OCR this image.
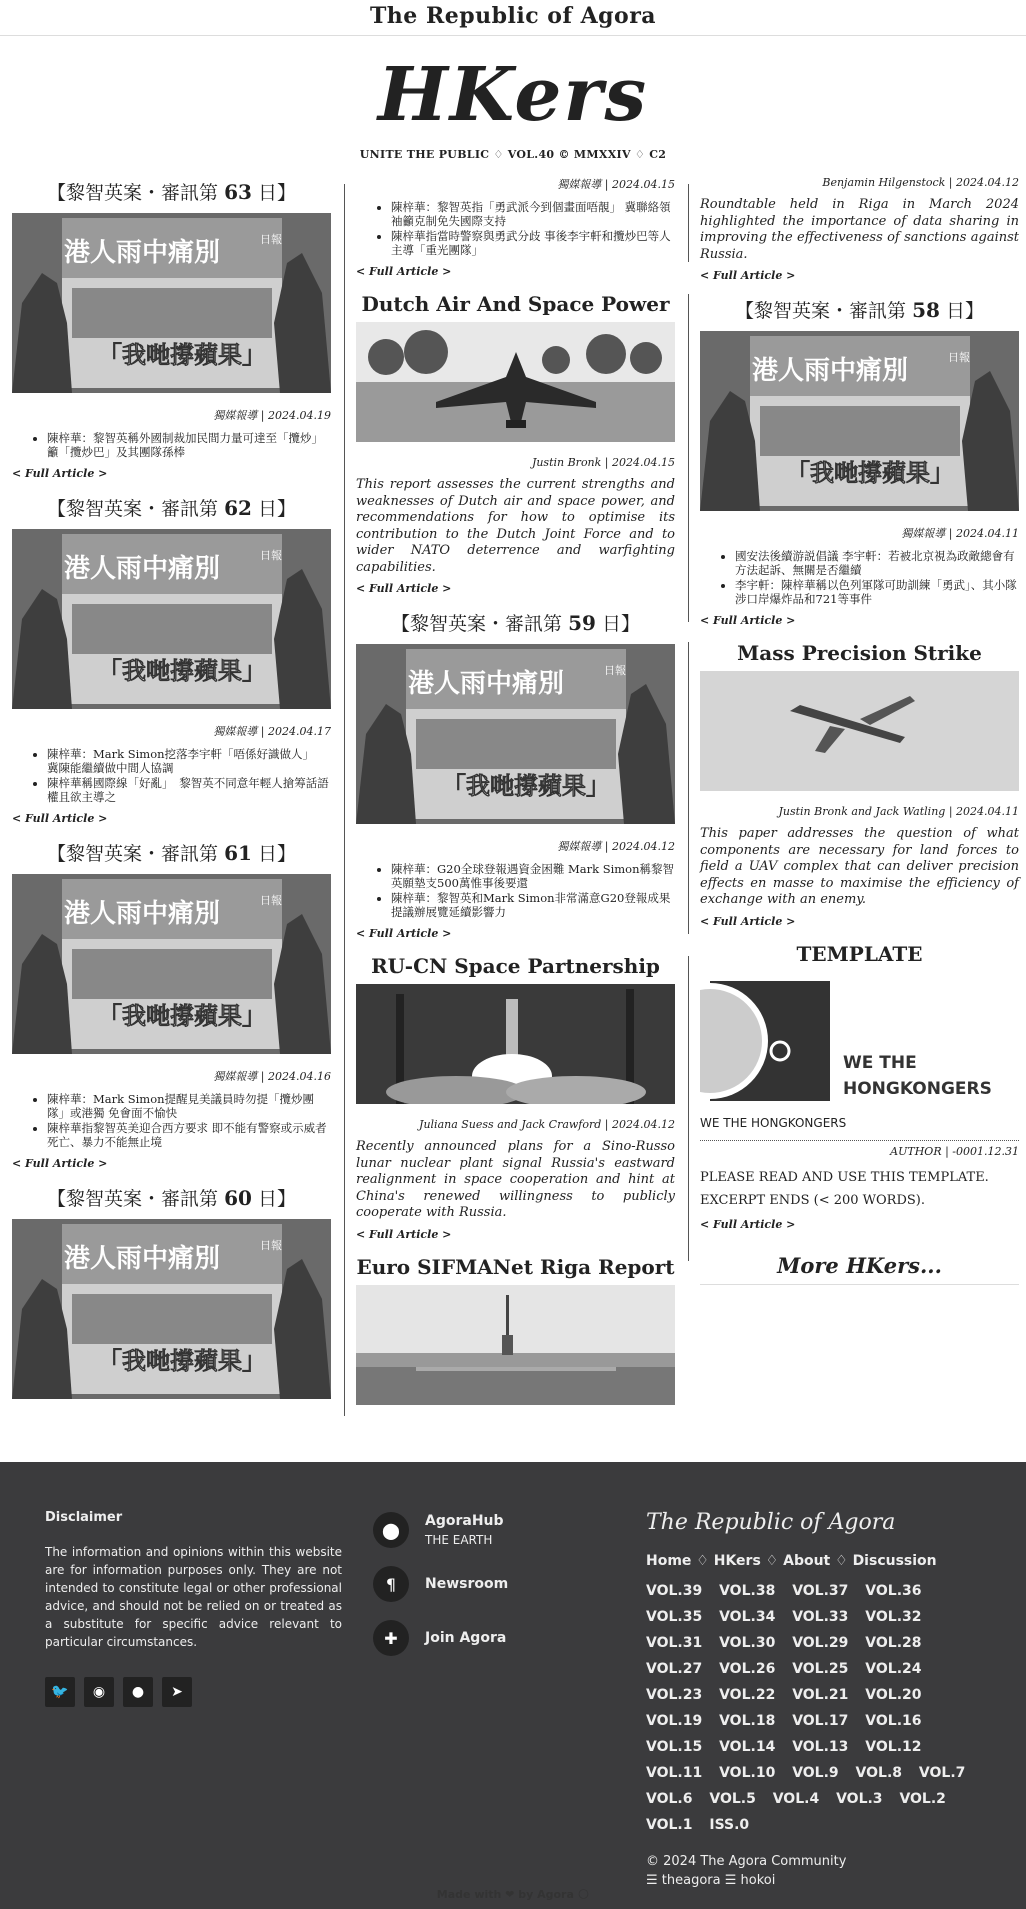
The Republic of Agora
HKers
UNITE THE PUBLIC ♢ VOL.40 © MMXXIV ♢ C2
【黎智英案・審訊第 63 日】
港人雨中痛別	日報
「我哋撐蘋果」
獨媒報導 | 2024.04.19
• 陳梓華：黎智英稱外國制裁加民間力量可達至「攬炒」　籲「攬炒巴」及其團隊孫棒
< Full Article >
【黎智英案・審訊第 62 日】
港人雨中痛別	日報
「我哋撐蘋果」
獨媒報導 | 2024.04.17
• 陳梓華：Mark Simon挖落李宇軒「唔係好識做人」　冀陳能繼續做中間人協調
• 陳梓華稱國際線「好亂」　黎智英不同意年輕人搶筹話語權且欲主導之
< Full Article >
【黎智英案・審訊第 61 日】
港人雨中痛別	日報
「我哋撐蘋果」
獨媒報導 | 2024.04.16
• 陳梓華：Mark Simon提醒見美議員時勿提「攬炒團隊」或港獨 免會面不愉快
• 陳梓華指黎智英美迎合西方要求 即不能有警察或示威者死亡、暴力不能無止境
< Full Article >
【黎智英案・審訊第 60 日】
港人雨中痛別	日報
「我哋撐蘋果」
獨媒報導 | 2024.04.15
• 陳梓華：黎智英指「勇武派今到個畫面唔靚」 冀聯絡領袖籲克制免失國際支持
• 陳梓華指當時警察與勇武分歧 事後李宇軒和攬炒巴等人主導「重光團隊」
< Full Article >
Dutch Air And Space Power
Justin Bronk | 2024.04.15
This report assesses the current strengths and weaknesses of Dutch air and space power, and recommendations for how to optimise its contribution to the Dutch Joint Force and to wider NATO deterrence and warfighting capabilities.
< Full Article >
【黎智英案・審訊第 59 日】
港人雨中痛別	日報
「我哋撐蘋果」
獨媒報導 | 2024.04.12
• 陳梓華：G20全球登報遇資金困難 Mark Simon稱黎智英願墊支500萬惟事後要還
• 陳梓華：黎智英和Mark Simon非常滿意G20登報成果 提議辦展覽延續影響力
< Full Article >
RU-CN Space Partnership
Juliana Suess and Jack Crawford | 2024.04.12
Recently announced plans for a Sino-Russo lunar nuclear plant signal Russia's eastward realignment in space cooperation and hint at China's renewed willingness to publicly cooperate with Russia.
< Full Article >
Euro SIFMANet Riga Report
Benjamin Hilgenstock | 2024.04.12
Roundtable held in Riga in March 2024 highlighted the importance of data sharing in improving the effectiveness of sanctions against Russia.
< Full Article >
【黎智英案・審訊第 58 日】
港人雨中痛別	日報
「我哋撐蘋果」
獨媒報導 | 2024.04.11
• 國安法後續游説倡議 李宇軒：若被北京視為政敵總會有方法起訴、無關是否繼續
• 李宇軒：陳梓華稱以色列軍隊可助訓練「勇武」、其小隊涉口岸爆炸品和721等事件
< Full Article >
Mass Precision Strike
Justin Bronk and Jack Watling | 2024.04.11
This paper addresses the question of what components are necessary for land forces to field a UAV complex that can deliver precision effects en masse to maximise the efficiency of exchange with an enemy.
< Full Article >
TEMPLATE
WE THE
HONGKONGERS
WE THE HONGKONGERS
AUTHOR | -0001.12.31
PLEASE READ AND USE THIS TEMPLATE.
EXCERPT ENDS (< 200 WORDS).
< Full Article >
More HKers...
Disclaimer

The information and opinions within this website are for information purposes only. They are not intended to constitute legal or other professional advice, and should not be relied on or treated as a substitute for specific advice relevant to particular circumstances.

🐦	◉	●	➤
⬤	AgoraHub
THE EARTH
¶	Newsroom
✚	Join Agora
The Republic of Agora
Home ♢ HKers ♢ About ♢ Discussion
VOL.39 VOL.38 VOL.37 VOL.36 VOL.35 VOL.34 VOL.33 VOL.32 VOL.31 VOL.30 VOL.29 VOL.28 VOL.27 VOL.26 VOL.25 VOL.24 VOL.23 VOL.22 VOL.21 VOL.20 VOL.19 VOL.18 VOL.17 VOL.16 VOL.15 VOL.14 VOL.13 VOL.12 VOL.11 VOL.10 VOL.9 VOL.8 VOL.7 VOL.6 VOL.5 VOL.4 VOL.3 VOL.2 VOL.1 ISS.0
© 2024 The Agora Community
☰ theagora ☰ hokoi
Made with ❤ by Agora 🌕
